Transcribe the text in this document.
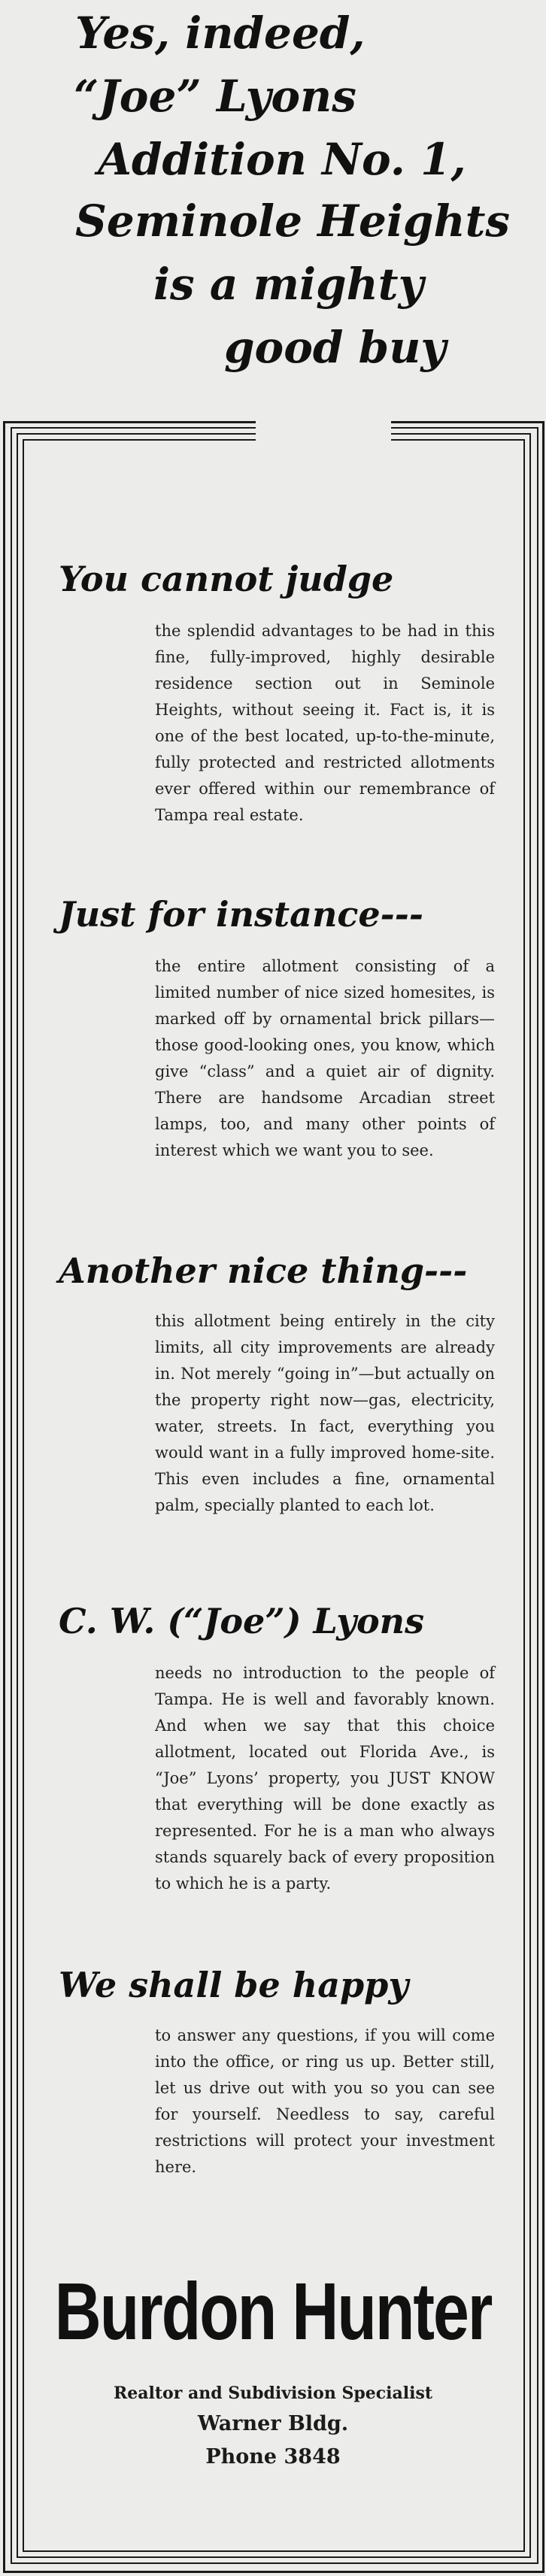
Yes, indeed,
“Joe” Lyons
Addition No. 1,
Seminole Heights
is a mighty
good buy
You cannot judge
the splendid advantages to be had in this fine, fully-improved, highly desirable residence section out in Seminole Heights, without seeing it. Fact is, it is one of the best located, up-to-the-minute, fully protected and restricted allotments ever offered within our remembrance of Tampa real estate.
Just for instance---
the entire allotment consisting of a limited number of nice sized homesites, is marked off by ornamental brick pillars—those good-looking ones, you know, which give “class” and a quiet air of dignity. There are handsome Arcadian street lamps, too, and many other points of interest which we want you to see.
Another nice thing---
this allotment being entirely in the city limits, all city improvements are already in. Not merely “going in”—but actually on the property right now—gas, electricity, water, streets. In fact, everything you would want in a fully improved home-site. This even includes a fine, ornamental palm, specially planted to each lot.
C. W. (“Joe”) Lyons
needs no introduction to the people of Tampa. He is well and favorably known. And when we say that this choice allotment, located out Florida Ave., is “Joe” Lyons’ property, you JUST KNOW that everything will be done exactly as represented. For he is a man who always stands squarely back of every proposition to which he is a party.
We shall be happy
to answer any questions, if you will come into the office, or ring us up. Better still, let us drive out with you so you can see for yourself. Needless to say, careful restrictions will protect your investment here.
Burdon Hunter
Realtor and Subdivision Specialist
Warner Bldg.
Phone 3848
